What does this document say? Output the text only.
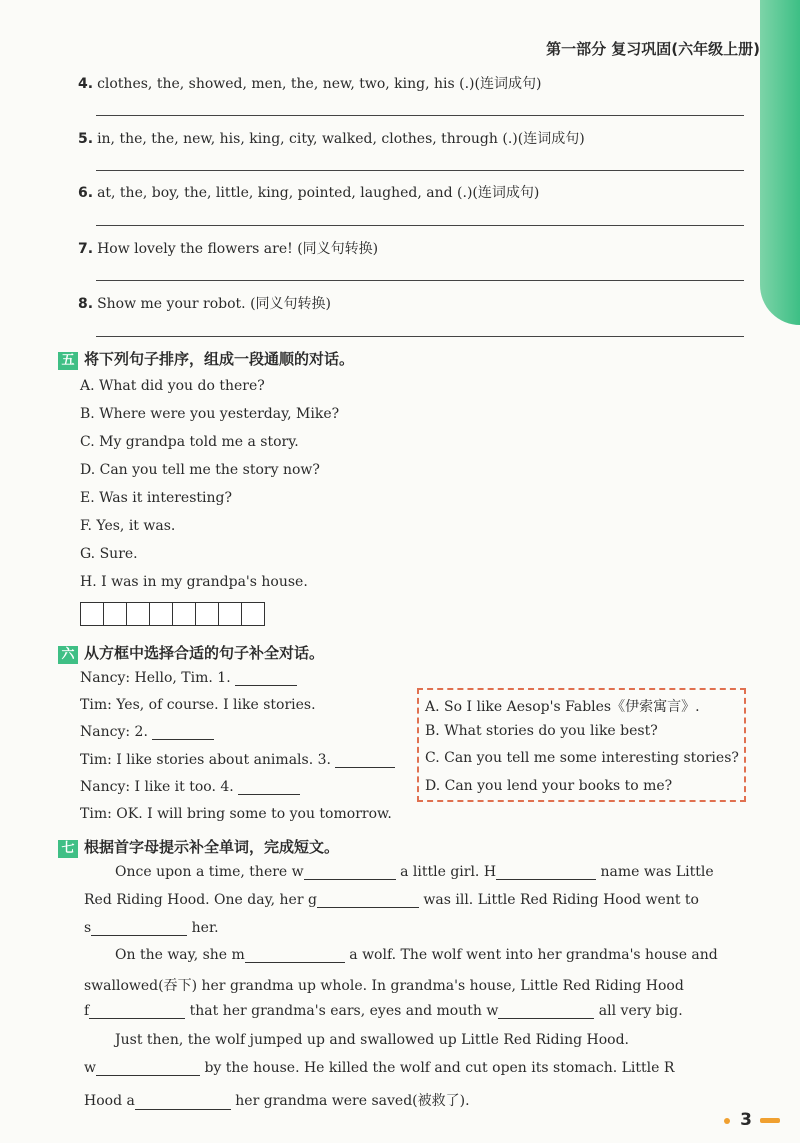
第一部分 复习巩固(六年级上册)
4. clothes, the, showed, men, the, new, two, king, his (.)(连词成句)
5. in, the, the, new, his, king, city, walked, clothes, through (.)(连词成句)
6. at, the, boy, the, little, king, pointed, laughed, and (.)(连词成句)
7. How lovely the flowers are! (同义句转换)
8. Show me your robot. (同义句转换)
五 将下列句子排序，组成一段通顺的对话。
A. What did you do there?
B. Where were you yesterday, Mike?
C. My grandpa told me a story.
D. Can you tell me the story now?
E. Was it interesting?
F. Yes, it was.
G. Sure.
H. I was in my grandpa's house.
六 从方框中选择合适的句子补全对话。
Nancy: Hello, Tim. 1.
Tim: Yes, of course. I like stories.
Nancy: 2.
Tim: I like stories about animals. 3.
Nancy: I like it too. 4.
Tim: OK. I will bring some to you tomorrow.
A. So I like Aesop's Fables《伊索寓言》.
B. What stories do you like best?
C. Can you tell me some interesting stories?
D. Can you lend your books to me?
七 根据首字母提示补全单词，完成短文。
Once upon a time, there w	a little girl. H	name was Little
Red Riding Hood. One day, her g	was ill. Little Red Riding Hood went to
s	her.
On the way, she m	a wolf. The wolf went into her grandma's house and
swallowed(吞下) her grandma up whole. In grandma's house, Little Red Riding Hood
f	that her grandma's ears, eyes and mouth w	all very big.
Just then, the wolf jumped up and swallowed up Little Red Riding Hood.
w	by the house. He killed the wolf and cut open its stomach. Little R
Hood a	her grandma were saved(被救了).
3
